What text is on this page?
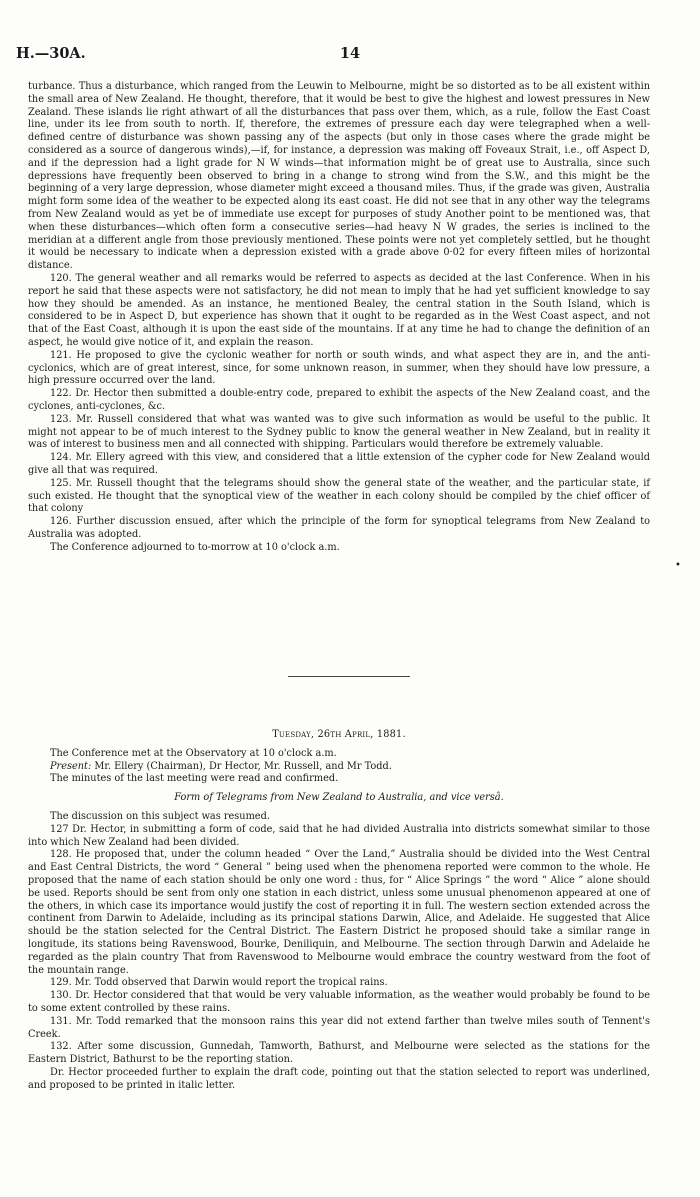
H.—30A.	14

turbance. Thus a disturbance, which ranged from the Leuwin to Melbourne, might be so distorted as to be all existent within the small area of New Zealand. He thought, therefore, that it would be best to give the highest and lowest pressures in New Zealand. These islands lie right athwart of all the disturbances that pass over them, which, as a rule, follow the East Coast line, under its lee from south to north. If, therefore, the extremes of pressure each day were telegraphed when a well-defined centre of disturbance was shown passing any of the aspects (but only in those cases where the grade might be considered as a source of dangerous winds),—if, for instance, a depression was making off Foveaux Strait, i.e., off Aspect D, and if the depression had a light grade for N W winds—that information might be of great use to Australia, since such depressions have frequently been observed to bring in a change to strong wind from the S.W., and this might be the beginning of a very large depression, whose diameter might exceed a thousand miles. Thus, if the grade was given, Australia might form some idea of the weather to be expected along its east coast. He did not see that in any other way the telegrams from New Zealand would as yet be of immediate use except for purposes of study Another point to be mentioned was, that when these disturbances—which often form a consecutive series—had heavy N W grades, the series is inclined to the meridian at a different angle from those previously mentioned. These points were not yet completely settled, but he thought it would be necessary to indicate when a depression existed with a grade above 0·02 for every fifteen miles of horizontal distance.

120. The general weather and all remarks would be referred to aspects as decided at the last Conference. When in his report he said that these aspects were not satisfactory, he did not mean to imply that he had yet sufficient knowledge to say how they should be amended. As an instance, he mentioned Bealey, the central station in the South Island, which is considered to be in Aspect D, but experience has shown that it ought to be regarded as in the West Coast aspect, and not that of the East Coast, although it is upon the east side of the mountains. If at any time he had to change the definition of an aspect, he would give notice of it, and explain the reason.

121. He proposed to give the cyclonic weather for north or south winds, and what aspect they are in, and the anti-cyclonics, which are of great interest, since, for some unknown reason, in summer, when they should have low pressure, a high pressure occurred over the land.

122. Dr. Hector then submitted a double-entry code, prepared to exhibit the aspects of the New Zealand coast, and the cyclones, anti-cyclones, &c.

123. Mr. Russell considered that what was wanted was to give such information as would be useful to the public. It might not appear to be of much interest to the Sydney public to know the general weather in New Zealand, but in reality it was of interest to business men and all connected with shipping. Particulars would therefore be extremely valuable.

124. Mr. Ellery agreed with this view, and considered that a little extension of the cypher code for New Zealand would give all that was required.

125. Mr. Russell thought that the telegrams should show the general state of the weather, and the particular state, if such existed. He thought that the synoptical view of the weather in each colony should be compiled by the chief officer of that colony

126. Further discussion ensued, after which the principle of the form for synoptical telegrams from New Zealand to Australia was adopted.

The Conference adjourned to to-morrow at 10 o'clock a.m.

Tuesday, 26th April, 1881.

The Conference met at the Observatory at 10 o'clock a.m.

Present: Mr. Ellery (Chairman), Dr Hector, Mr. Russell, and Mr Todd.

The minutes of the last meeting were read and confirmed.

Form of Telegrams from New Zealand to Australia, and vice versâ.

The discussion on this subject was resumed.

127 Dr. Hector, in submitting a form of code, said that he had divided Australia into districts somewhat similar to those into which New Zealand had been divided.

128. He proposed that, under the column headed “ Over the Land,” Australia should be divided into the West Central and East Central Districts, the word “ General ” being used when the phenomena reported were common to the whole. He proposed that the name of each station should be only one word : thus, for “ Alice Springs ” the word “ Alice ” alone should be used. Reports should be sent from only one station in each district, unless some unusual phenomenon appeared at one of the others, in which case its importance would justify the cost of reporting it in full. The western section extended across the continent from Darwin to Adelaide, including as its principal stations Darwin, Alice, and Adelaide. He suggested that Alice should be the station selected for the Central District. The Eastern District he proposed should take a similar range in longitude, its stations being Ravenswood, Bourke, Deniliquin, and Melbourne. The section through Darwin and Adelaide he regarded as the plain country That from Ravenswood to Melbourne would embrace the country westward from the foot of the mountain range.

129. Mr. Todd observed that Darwin would report the tropical rains.

130. Dr. Hector considered that that would be very valuable information, as the weather would probably be found to be to some extent controlled by these rains.

131. Mr. Todd remarked that the monsoon rains this year did not extend farther than twelve miles south of Tennent's Creek.

132. After some discussion, Gunnedah, Tamworth, Bathurst, and Melbourne were selected as the stations for the Eastern District, Bathurst to be the reporting station.

Dr. Hector proceeded further to explain the draft code, pointing out that the station selected to report was underlined, and proposed to be printed in italic letter.

•
